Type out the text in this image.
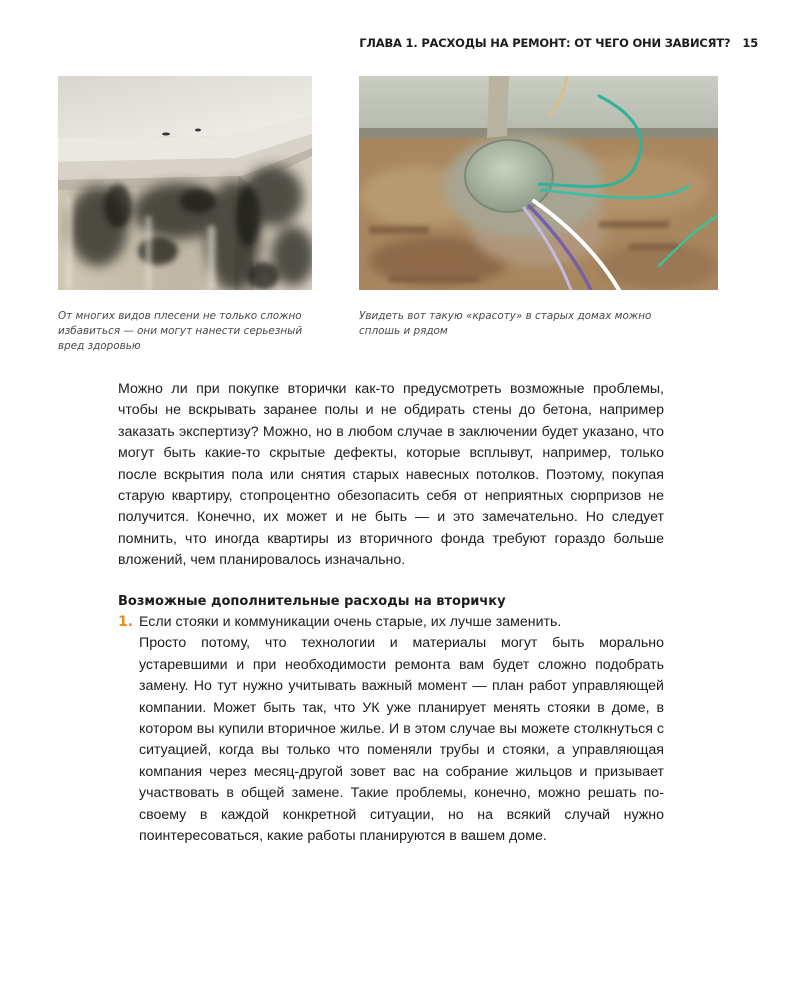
ГЛАВА 1. РАСХОДЫ НА РЕМОНТ: ОТ ЧЕГО ОНИ ЗАВИСЯТ? 15
От многих видов плесени не только сложно избавиться — они могут нанести серьезный вред здоровью
Увидеть вот такую «красоту» в старых домах можно сплошь и рядом

Можно ли при покупке вторички как-то предусмотреть возможные проблемы, чтобы не вскрывать заранее полы и не обдирать стены до бетона, например заказать экспертизу? Можно, но в любом случае в заключении будет указано, что могут быть какие-то скрытые дефекты, которые всплывут, например, только после вскрытия пола или снятия старых навесных потолков. Поэтому, покупая старую квартиру, стопроцентно обезопасить себя от неприятных сюрпризов не получится. Конечно, их может и не быть — и это замечательно. Но следует помнить, что иногда квартиры из вторичного фонда требуют гораздо больше вложений, чем планировалось изначально.

Возможные дополнительные расходы на вторичку
1. Если стояки и коммуникации очень старые, их лучше заменить.

Просто потому, что технологии и материалы могут быть морально устаревшими и при необходимости ремонта вам будет сложно подобрать замену. Но тут нужно учитывать важный момент — план работ управляющей компании. Может быть так, что УК уже планирует менять стояки в доме, в котором вы купили вторичное жилье. И в этом случае вы можете столкнуться с ситуацией, когда вы только что поменяли трубы и стояки, а управляющая компания через месяц-другой зовет вас на собрание жильцов и призывает участвовать в общей замене. Такие проблемы, конечно, можно решать по-своему в каждой конкретной ситуации, но на всякий случай нужно поинтересоваться, какие работы планируются в вашем доме.
